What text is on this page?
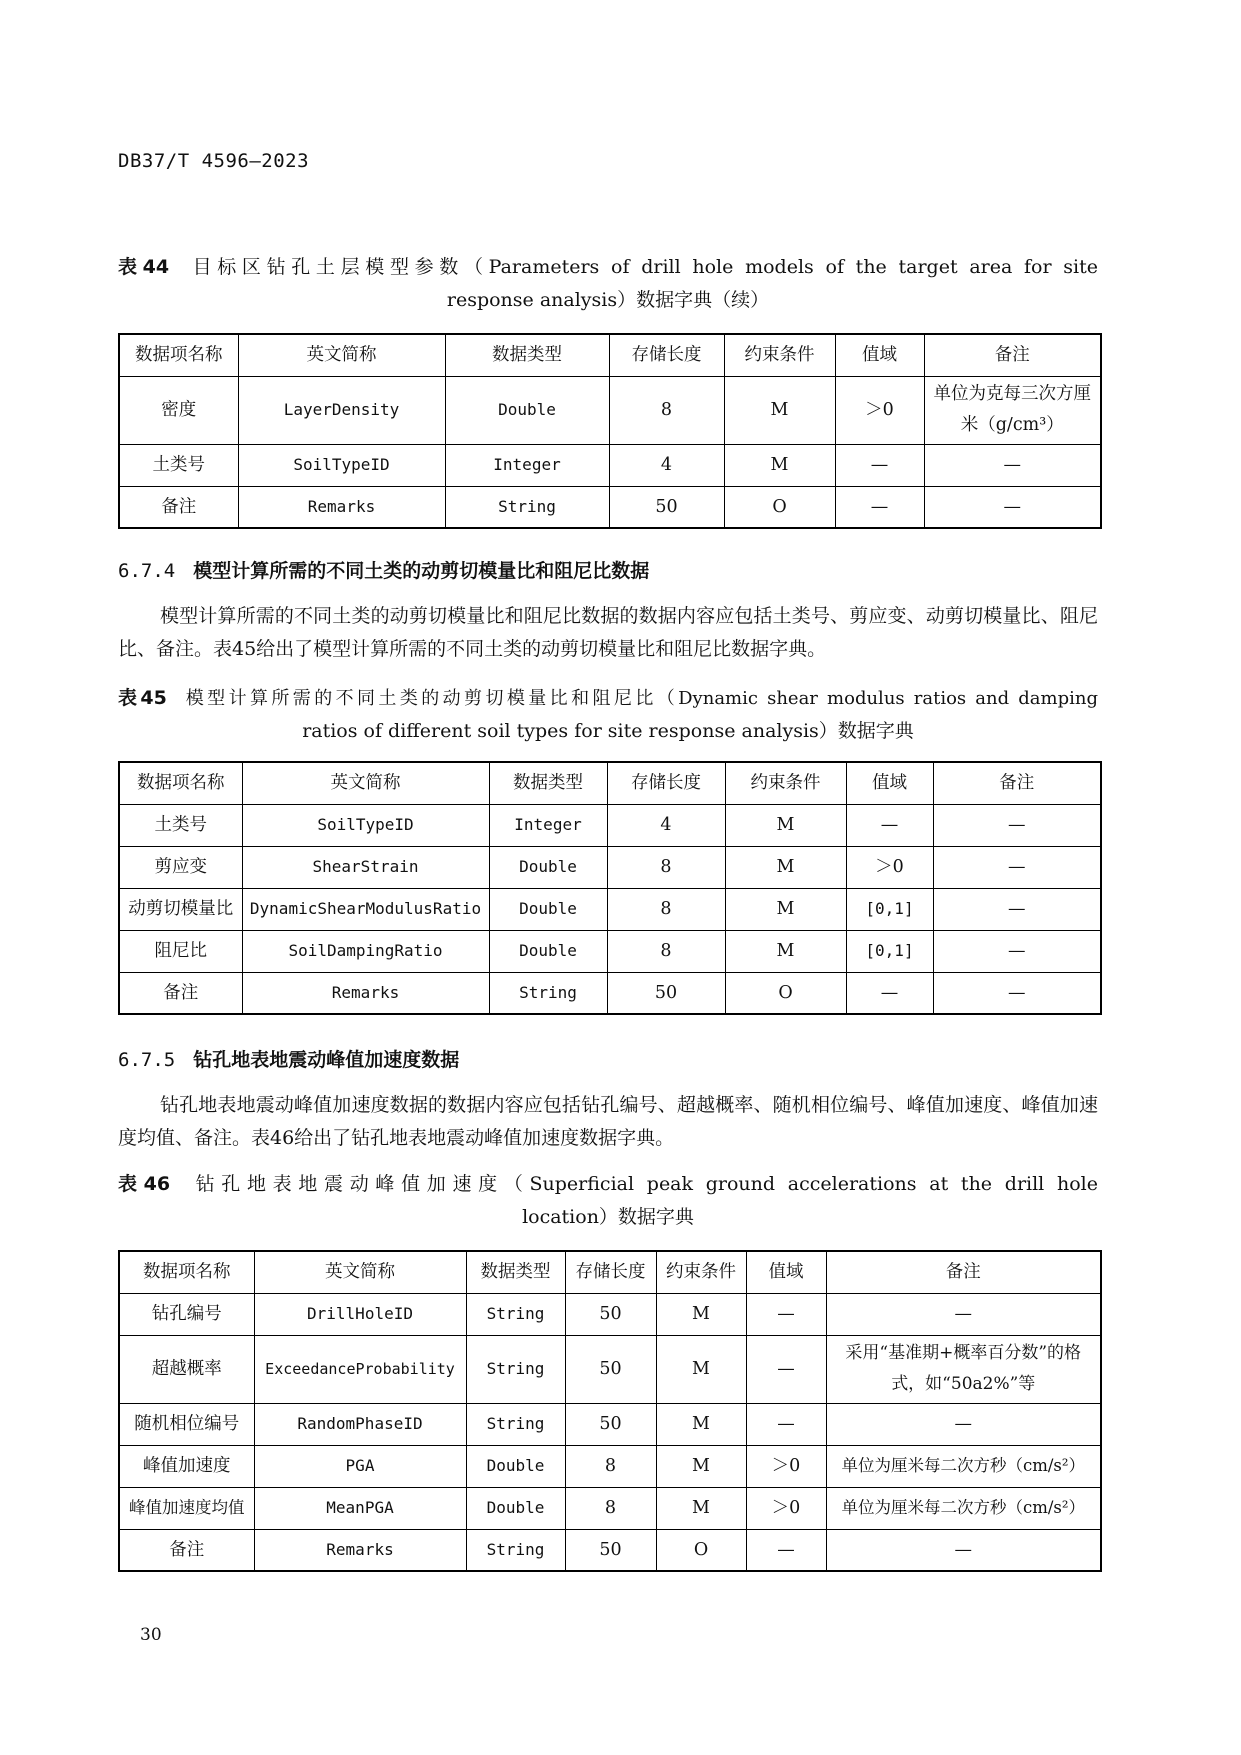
DB37/T 4596—2023
表44 目标区钻孔土层模型参数（Parameters of drill hole models of the target area for site
response analysis）数据字典（续）
数据项名称	英文简称	数据类型	存储长度	约束条件	值域	备注
密度	LayerDensity	Double	8	M	＞0	单位为克每三次方厘米（g/cm³）
土类号	SoilTypeID	Integer	4	M	—	—
备注	Remarks	String	50	O	—	—
6.7.4 模型计算所需的不同土类的动剪切模量比和阻尼比数据
模型计算所需的不同土类的动剪切模量比和阻尼比数据的数据内容应包括土类号、剪应变、动剪切模量比、阻尼比、备注。表45给出了模型计算所需的不同土类的动剪切模量比和阻尼比数据字典。
表45 模型计算所需的不同土类的动剪切模量比和阻尼比（Dynamic shear modulus ratios and damping
ratios of different soil types for site response analysis）数据字典
数据项名称	英文简称	数据类型	存储长度	约束条件	值域	备注
土类号	SoilTypeID	Integer	4	M	—	—
剪应变	ShearStrain	Double	8	M	＞0	—
动剪切模量比	DynamicShearModulusRatio	Double	8	M	[0,1]	—
阻尼比	SoilDampingRatio	Double	8	M	[0,1]	—
备注	Remarks	String	50	O	—	—
6.7.5 钻孔地表地震动峰值加速度数据
钻孔地表地震动峰值加速度数据的数据内容应包括钻孔编号、超越概率、随机相位编号、峰值加速度、峰值加速度均值、备注。表46给出了钻孔地表地震动峰值加速度数据字典。
表46 钻孔地表地震动峰值加速度（Superficial peak ground accelerations at the drill hole
location）数据字典
数据项名称	英文简称	数据类型	存储长度	约束条件	值域	备注
钻孔编号	DrillHoleID	String	50	M	—	—
超越概率	ExceedanceProbability	String	50	M	—	采用“基准期+概率百分数”的格式，如“50a2%”等
随机相位编号	RandomPhaseID	String	50	M	—	—
峰值加速度	PGA	Double	8	M	＞0	单位为厘米每二次方秒（cm/s²）
峰值加速度均值	MeanPGA	Double	8	M	＞0	单位为厘米每二次方秒（cm/s²）
备注	Remarks	String	50	O	—	—
30
